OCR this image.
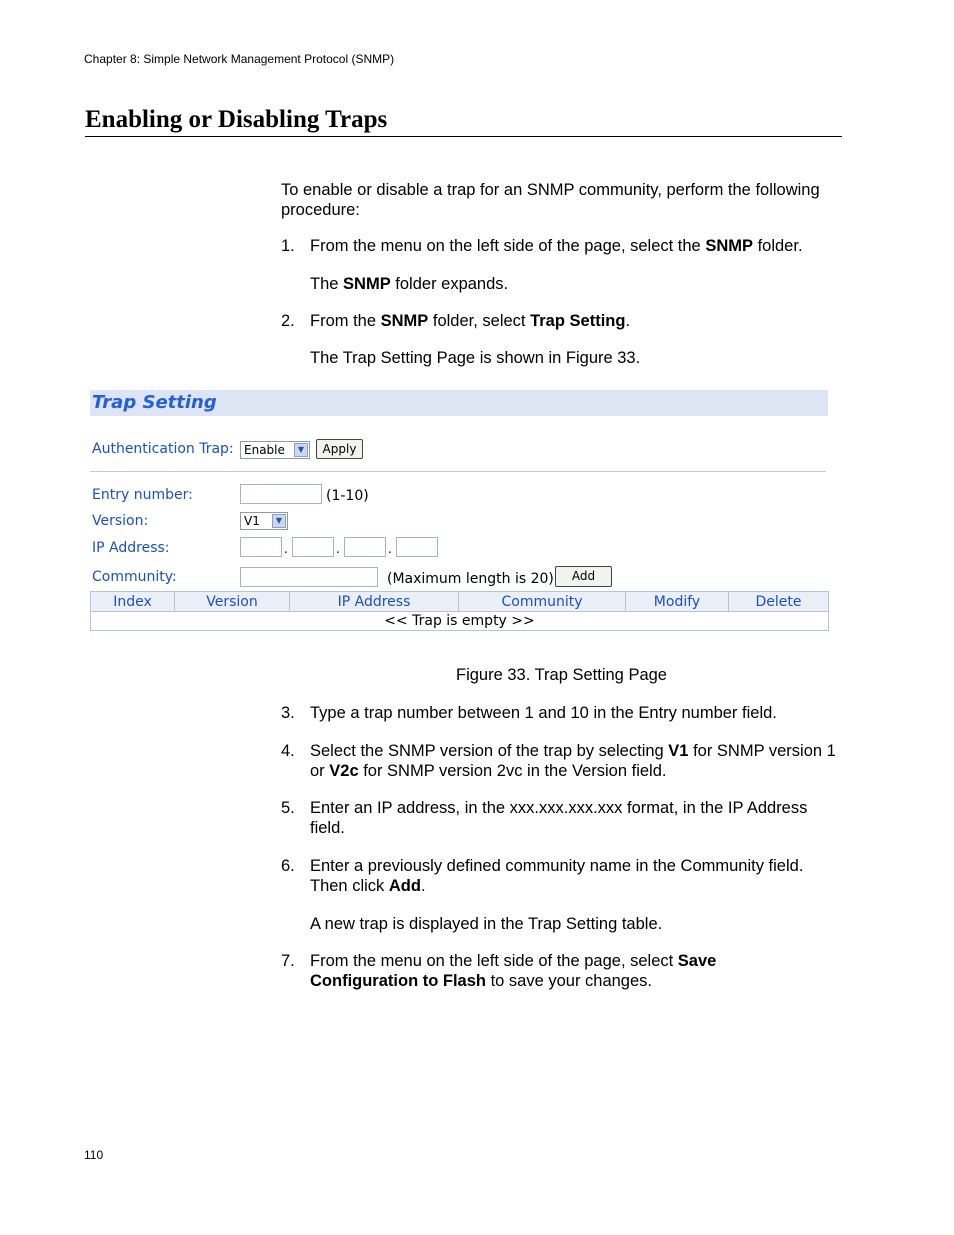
Chapter 8: Simple Network Management Protocol (SNMP)
Enabling or Disabling Traps
To enable or disable a trap for an SNMP community, perform the following procedure:
1. From the menu on the left side of the page, select the SNMP folder.
The SNMP folder expands.
2. From the SNMP folder, select Trap Setting.
The Trap Setting Page is shown in Figure 33.
Trap Setting
Authentication Trap: Enable	▼	Apply
Entry number:	(1-10)
Version:	V1	▼
IP Address:	.	.	.
Community:	(Maximum length is 20)	Add
Index	Version	IP Address	Community	Modify	Delete
<< Trap is empty >>
Figure 33. Trap Setting Page
3. Type a trap number between 1 and 10 in the Entry number field.
4. Select the SNMP version of the trap by selecting V1 for SNMP version 1 or V2c for SNMP version 2vc in the Version field.
5. Enter an IP address, in the xxx.xxx.xxx.xxx format, in the IP Address field.
6. Enter a previously defined community name in the Community field. Then click Add.
A new trap is displayed in the Trap Setting table.
7. From the menu on the left side of the page, select Save Configuration to Flash to save your changes.
110
